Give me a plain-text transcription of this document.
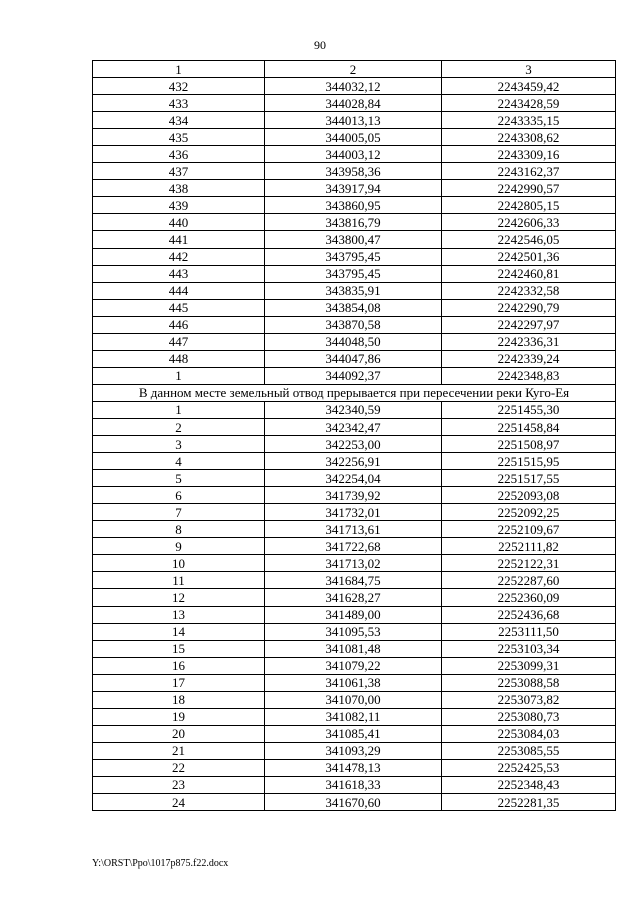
90
1	2	3
432	344032,12	2243459,42
433	344028,84	2243428,59
434	344013,13	2243335,15
435	344005,05	2243308,62
436	344003,12	2243309,16
437	343958,36	2243162,37
438	343917,94	2242990,57
439	343860,95	2242805,15
440	343816,79	2242606,33
441	343800,47	2242546,05
442	343795,45	2242501,36
443	343795,45	2242460,81
444	343835,91	2242332,58
445	343854,08	2242290,79
446	343870,58	2242297,97
447	344048,50	2242336,31
448	344047,86	2242339,24
1	344092,37	2242348,83
В данном месте земельный отвод прерывается при пересечении реки Куго-Ея		
1	342340,59	2251455,30
2	342342,47	2251458,84
3	342253,00	2251508,97
4	342256,91	2251515,95
5	342254,04	2251517,55
6	341739,92	2252093,08
7	341732,01	2252092,25
8	341713,61	2252109,67
9	341722,68	2252111,82
10	341713,02	2252122,31
11	341684,75	2252287,60
12	341628,27	2252360,09
13	341489,00	2252436,68
14	341095,53	2253111,50
15	341081,48	2253103,34
16	341079,22	2253099,31
17	341061,38	2253088,58
18	341070,00	2253073,82
19	341082,11	2253080,73
20	341085,41	2253084,03
21	341093,29	2253085,55
22	341478,13	2252425,53
23	341618,33	2252348,43
24	341670,60	2252281,35
Y:\ORST\Ppo\1017p875.f22.docx
